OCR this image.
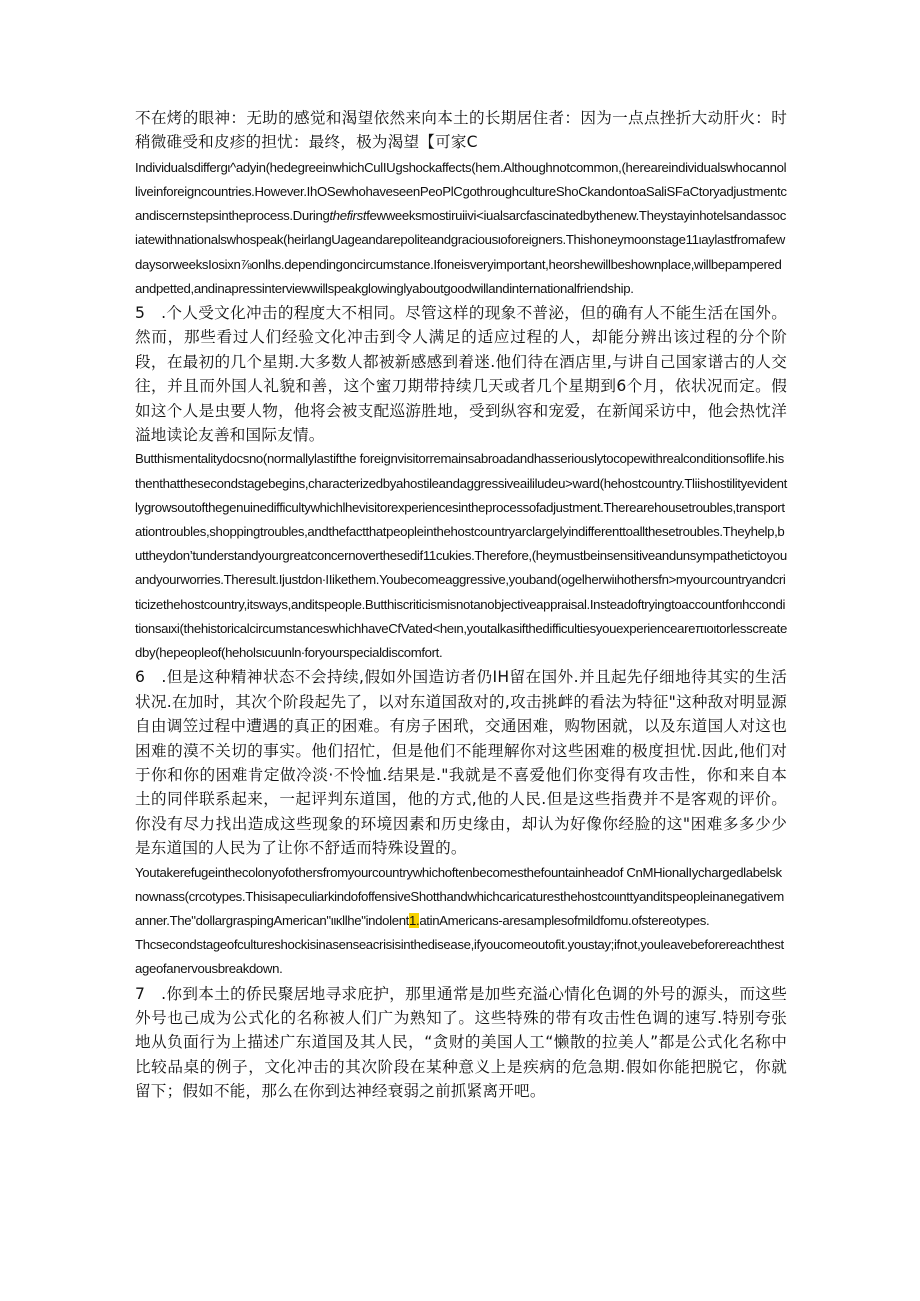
不在烤的眼神：无助的感觉和渴望依然来向本土的长期居住者：因为一点点挫折大动肝火：时稍微碓受和皮疹的担忧：最终，极为渴望【可家C

Individualsdiffergι^adyin(hedegreeinwhichCulIUgshockaffects(hem.Althoughnotcommon,(hereareindividualswhocannolliveinforeigncountries.However.IhOSewhohaveseenPeoPlCgothroughcultureShoCkandontoaSaliSFaCtoryadjustmentcandiscernstepsintheprocess.Duringthefirstfewweeksmostiruiivi<iualsarcfascinatedbythenew.Theystayinhotelsandassociatewithnationalswhospeak(heirlangUageandarepoliteandgraciousιoforeigners.Thishoneymoonstage11ιaylastfromafewdaysorweeksIosixn⅞onlhs.dependingoncircumstance.Ifoneisveryimportant,heorshewillbeshownplace,willbepamperedandpetted,andinapressinterviewwillspeakglowinglyaboutgoodwillandinternationalfriendship.

5　.个人受文化冲击的程度大不相同。尽管这样的现象不普泌，但的确有人不能生活在国外。然而，那些看过人们经验文化冲击到令人满足的适应过程的人，却能分辨出该过程的分个阶段，在最初的几个星期.大多数人都被新感感到着迷.他们待在酒店里,与讲自己国家谱古的人交往，并且而外国人礼貌和善，这个蜜刀期带持续几天或者几个星期到6个月，依状况而定。假如这个人是虫要人物，他将会被支配巡游胜地，受到纵容和宠爱，在新闻采访中，他会热忱洋溢地读论友善和国际友情。

Butthismentalitydocsno(normallylastifthe foreignvisitorremainsabroadandhasseriouslytocopewithrealconditionsoflife.histhenthatthesecondstagebegins,characterizedbyahostileandaggressiveaililudeu>ward(hehostcountry.Tliishostilityevidentlygrowsoutofthegenuinedifficultywhichlhevisitorexperiencesintheprocessofadjustment.Therearehousetroubles,transportationtroubles,shoppingtroubles,andthefactthatpeopleinthehostcountryarclargelyindifferenttoallthesetroubles.Theyhelp,buttheydon’tunderstandyourgreatconcernoverthesedif11cukies.Therefore,(heymustbeinsensitiveandunsympathetictoyouandyourworries.Theresult.Ijustdon∙IIikethem.Youbecomeaggressive,youband(ogelherwiιhothersfn>myourcountryandcriticizethehostcountry,itsways,anditspeople.Butthiscriticismisnotanobjectiveappraisal.Insteadoftryingtoaccountforιhcconditionsaιxi(thehistoricalcircumstanceswhichhaveCfVated<heιn,youtalkasifthedifficultiesyouexperienceareπιoιtorlesscreatedby(hepeopleof(heholsιcuunln∙foryourspecialdiscomfort.

6　.但是这种精神状态不会持续,假如外国造访者仍IH留在国外.并且起先仔细地待其实的生活状况.在加时，其次个阶段起先了，以对东道国敌对的,攻击挑衅的看法为特征"这种敌对明显源自由调笠过程中遭遇的真正的困难。有房子困玳，交通困难，购物困就，以及东道国人对这也困难的漠不关切的事实。他们招忙，但是他们不能理解你对这些困难的极度担忧.因此,他们对于你和你的困难肯定做冷淡·不怜恤.结果是."我就是不喜爱他们你变得有攻击性，你和来自本土的同伴联系起来，一起评判东道国，他的方式,他的人民.但是这些指费并不是客观的评价。你没有尽力找出造成这些现象的环境因素和历史缘由，却认为好像你经脸的这"困难多多少少是东道国的人民为了让你不舒适而特殊设置的。

Youtakerefugeinthecolonyofothersfromyourcountrywhichoftenbecomesthefountainheadof CnMHionalIychargedlabelsknownass(crcotypes.ThisisapeculiarkindofoffensiveShotthandwhichcaricaturesthehostcoιιnttyanditspeopleinanegativemanner.The"dollargraspingAmerican"ιικllhe"indolent1.atinAmericans-aresamplesofmildfomu.ofstereotypes.

Thcsecondstageofcultureshockisinasenseacrisisinthedisease,ifyoucomeoutofit.youstay;ifnot,youleavebeforereachthestageofanervousbreakdown.

7　.你到本土的侨民聚居地寻求庇护，那里通常是加些充溢心情化色调的外号的源头，而这些外号也己成为公式化的名称被人们广为熟知了。这些特殊的带有攻击性色调的速写.特别夸张地从负面行为上描述广东道国及其人民，“贪财的美国人工“懒散的拉美人”都是公式化名称中比较品桌的例子，文化冲击的其次阶段在某种意义上是疾病的危急期.假如你能把脱它，你就留下；假如不能，那么在你到达神经衰弱之前抓紧离开吧。
